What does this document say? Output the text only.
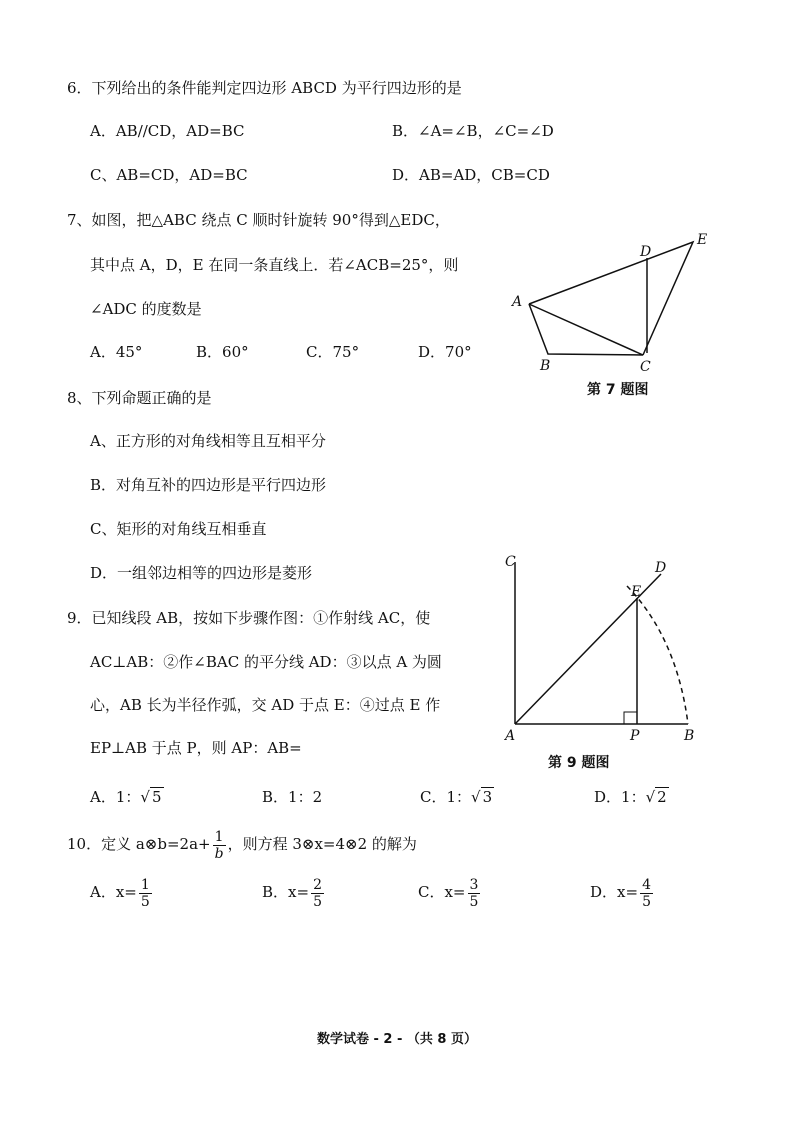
6．下列给出的条件能判定四边形 ABCD 为平行四边形的是
A．AB//CD，AD=BC	B．∠A=∠B，∠C=∠D
C、AB=CD，AD=BC	D．AB=AD，CB=CD
7、如图，把△ABC 绕点 C 顺时针旋转 90°得到△EDC，
其中点 A，D，E 在同一条直线上．若∠ACB=25°，则
∠ADC 的度数是
A．45°	B．60°	C．75°	D．70°
A
B	C
D
E
第 7 题图
8、下列命题正确的是
A、正方形的对角线相等且互相平分
B．对角互补的四边形是平行四边形
C、矩形的对角线互相垂直
D．一组邻边相等的四边形是菱形
9．已知线段 AB，按如下步骤作图：①作射线 AC，使
AC⊥AB：②作∠BAC 的平分线 AD：③以点 A 为圆
心，AB 长为半径作弧，交 AD 于点 E：④过点 E 作
EP⊥AB 于点 P，则 AP：AB=
A．1：√ 5	B．1：2	C．1：√ 3	D．1：√ 2
C	D
E
A	P	B
第 9 题图
10．定义 a⊗b=2a+ $\frac{1}{b}$ ，则方程 3⊗x=4⊗2 的解为
A．$x= \frac{1}{5}$	B．$x= \frac{2}{5}$	C．$x= \frac{3}{5}$	D．$x= \frac{4}{5}$
数学试卷 - 2 - （共 8 页）
